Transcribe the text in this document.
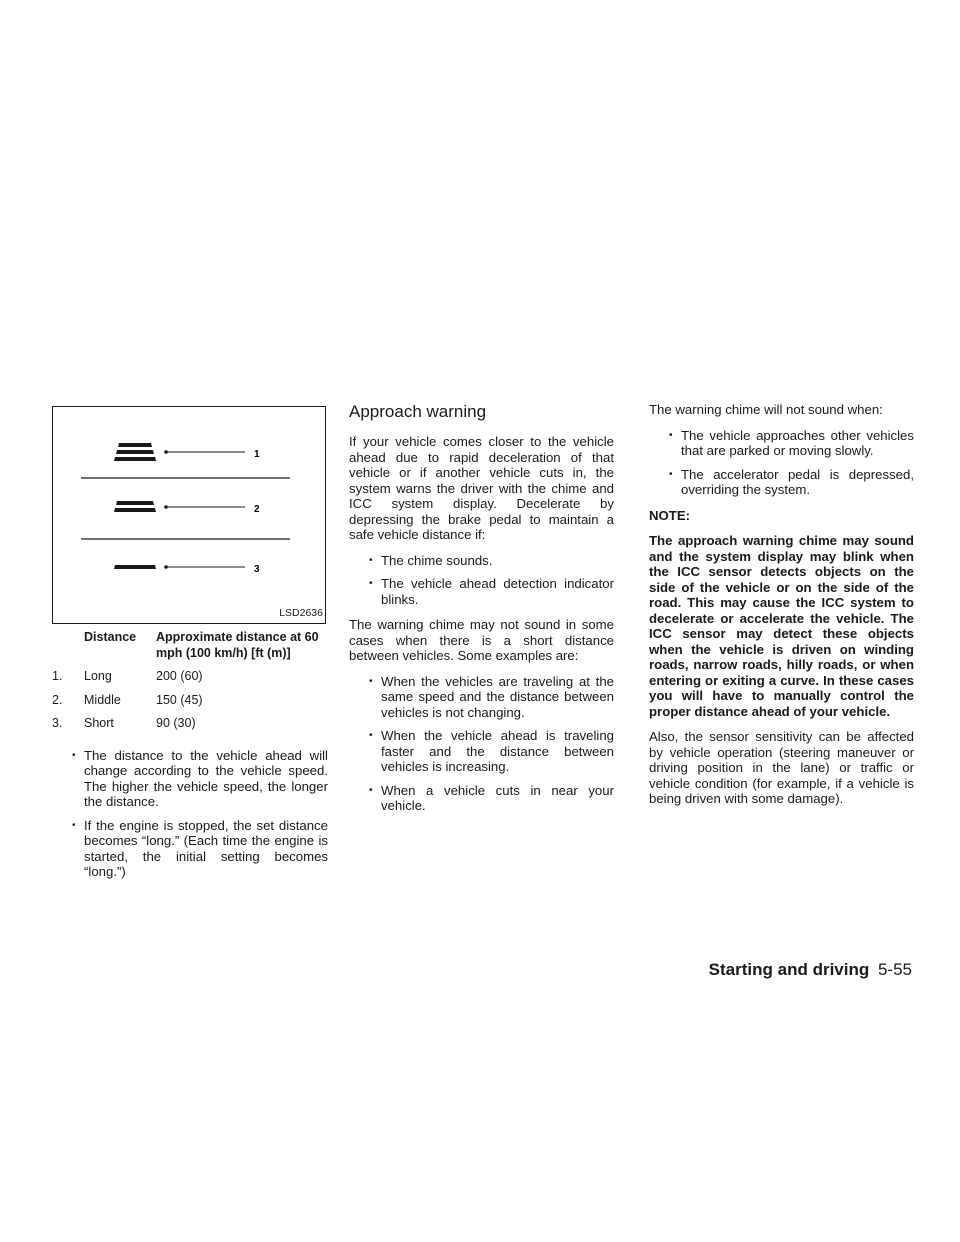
1
2
3
LSD2636
	Distance	Approximate distance at 60 mph (100 km/h) [ft (m)]
1.	Long	200 (60)
2.	Middle	150 (45)
3.	Short	90 (30)
• The distance to the vehicle ahead will change according to the vehicle speed. The higher the vehicle speed, the longer the distance.
• If the engine is stopped, the set distance becomes “long.” (Each time the engine is started, the initial setting becomes “long.”)
Approach warning

If your vehicle comes closer to the vehicle ahead due to rapid deceleration of that vehicle or if another vehicle cuts in, the system warns the driver with the chime and ICC system display. Decelerate by depressing the brake pedal to maintain a safe vehicle distance if:

• The chime sounds.
• The vehicle ahead detection indicator blinks.

The warning chime may not sound in some cases when there is a short distance between vehicles. Some examples are:

• When the vehicles are traveling at the same speed and the distance between vehicles is not changing.
• When the vehicle ahead is traveling faster and the distance between vehicles is increasing.
• When a vehicle cuts in near your vehicle.

The warning chime will not sound when:

• The vehicle approaches other vehicles that are parked or moving slowly.
• The accelerator pedal is depressed, overriding the system.

NOTE:

The approach warning chime may sound and the system display may blink when the ICC sensor detects objects on the side of the vehicle or on the side of the road. This may cause the ICC system to decelerate or accelerate the vehicle. The ICC sensor may detect these objects when the vehicle is driven on winding roads, narrow roads, hilly roads, or when entering or exiting a curve. In these cases you will have to manually control the proper distance ahead of your vehicle.

Also, the sensor sensitivity can be affected by vehicle operation (steering maneuver or driving position in the lane) or traffic or vehicle condition (for example, if a vehicle is being driven with some damage).

Starting and driving 5-55
